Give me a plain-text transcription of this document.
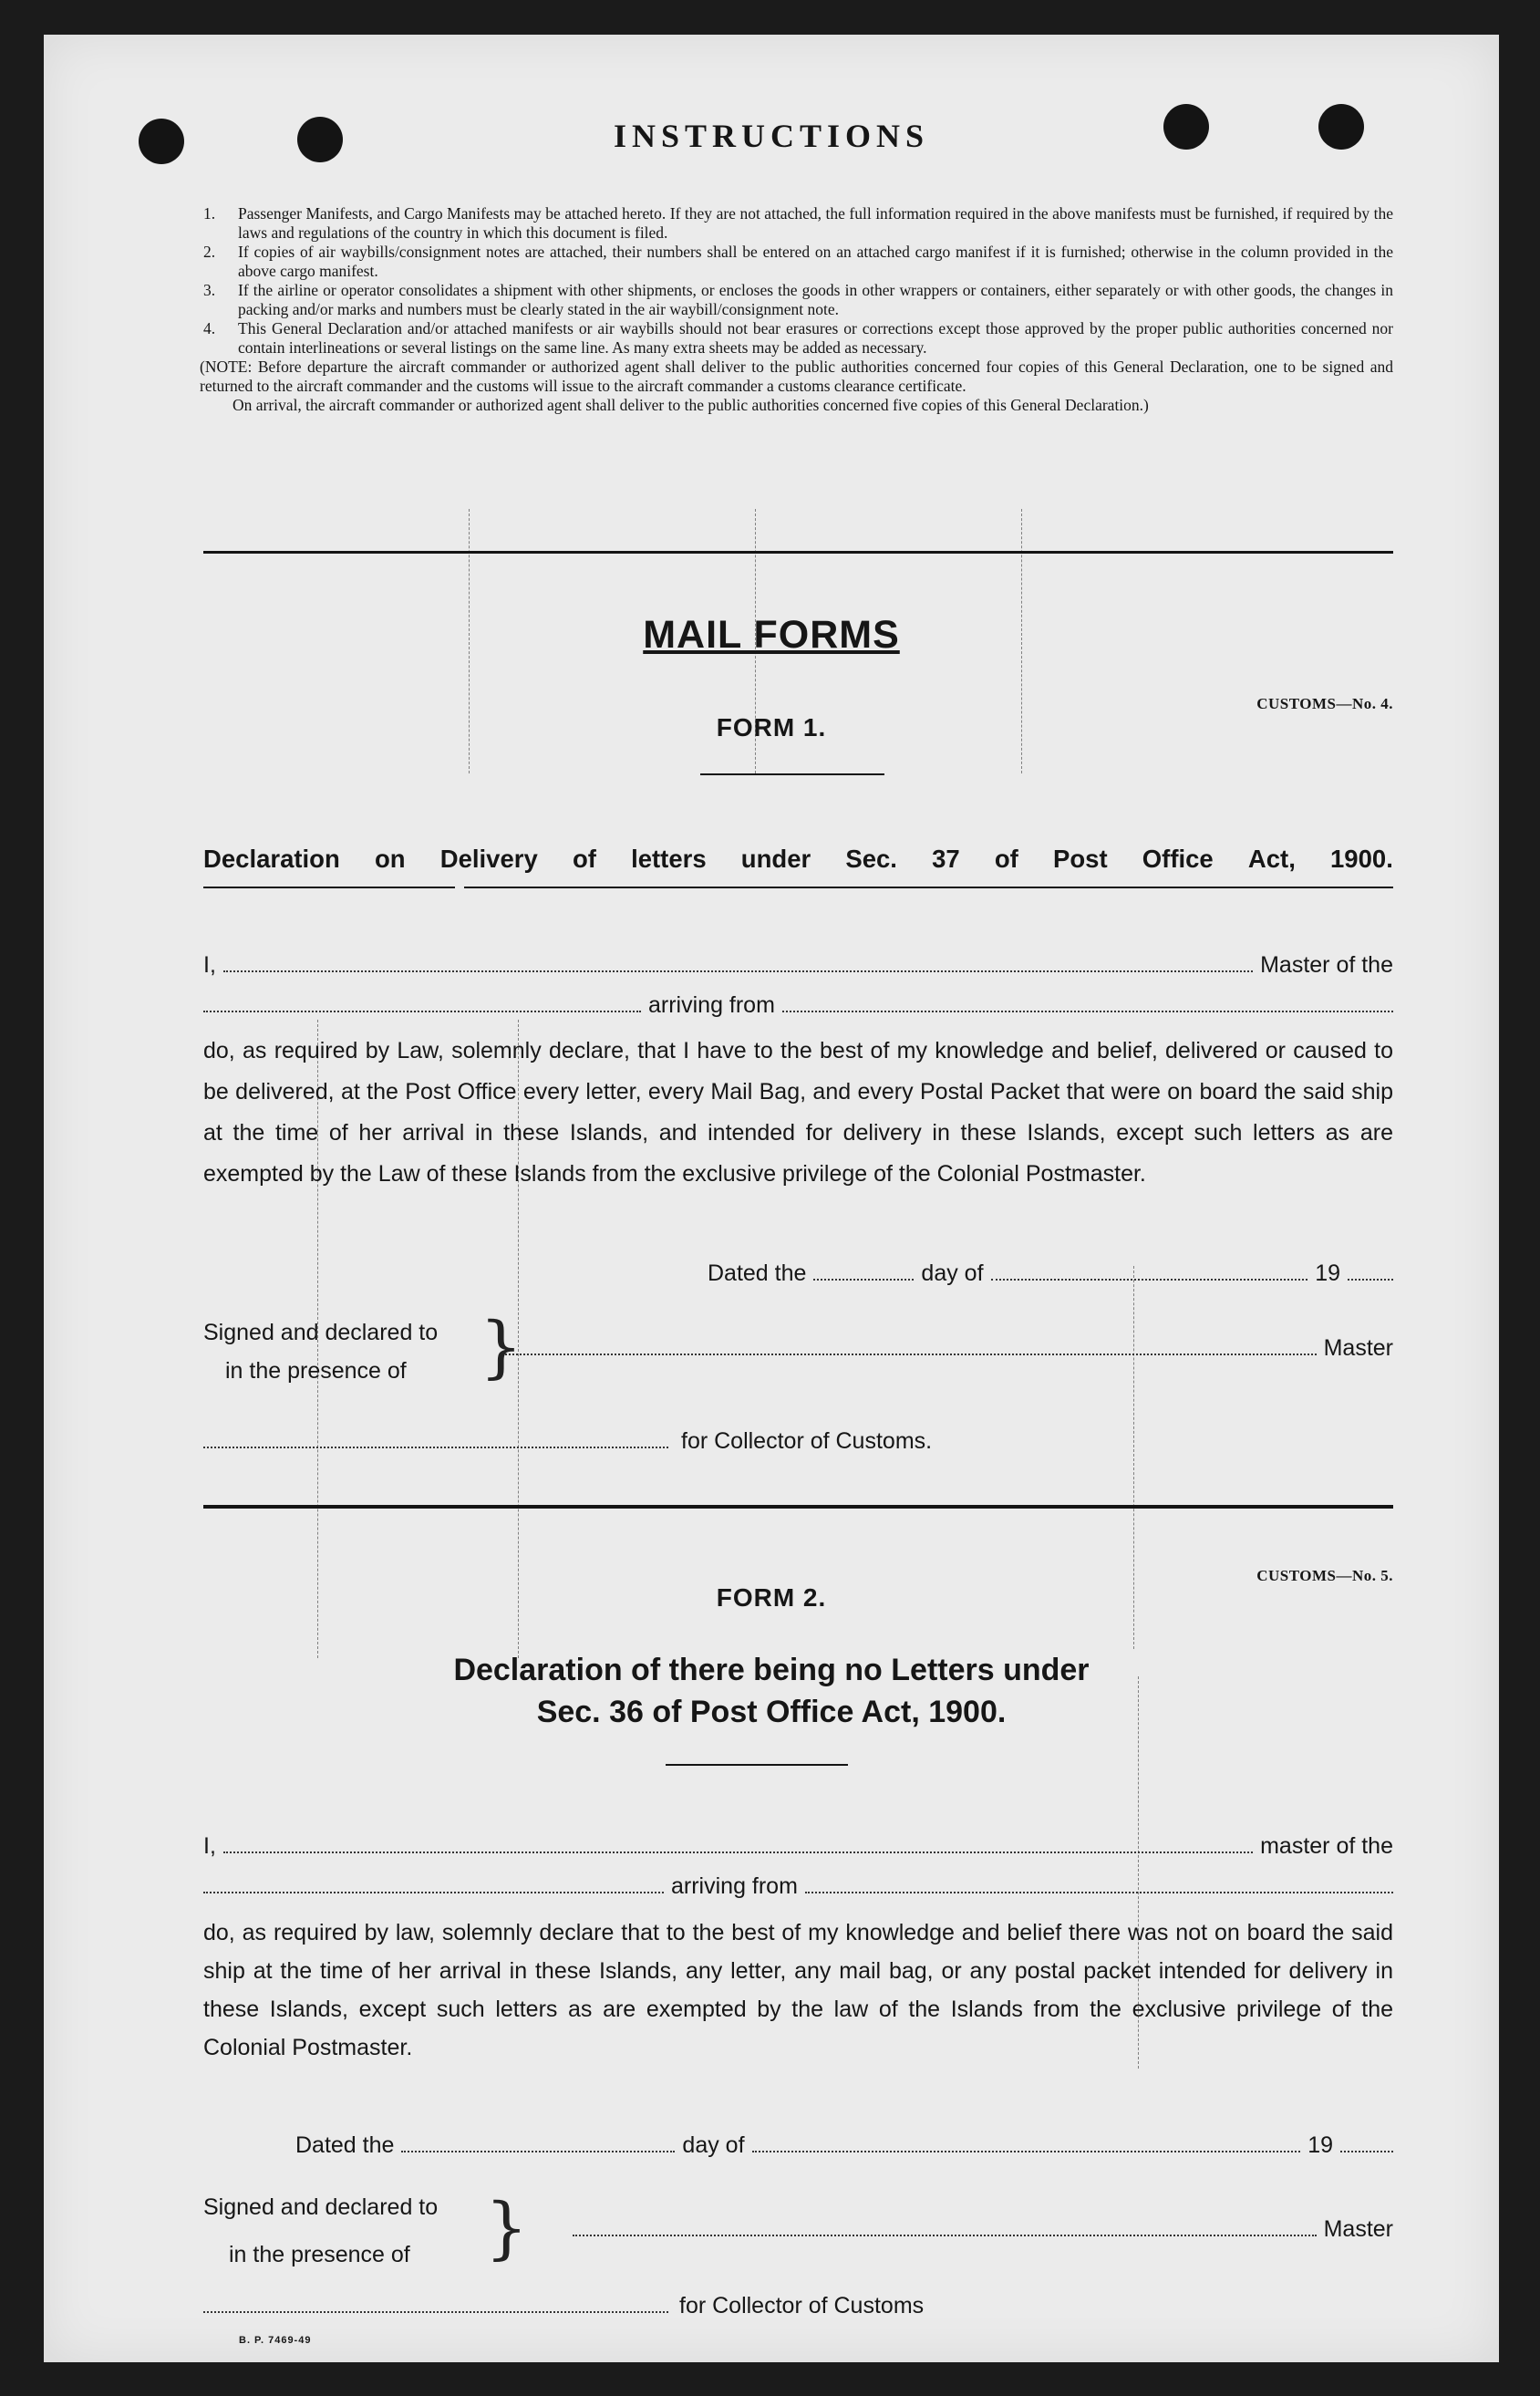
INSTRUCTIONS
1.	Passenger Manifests, and Cargo Manifests may be attached hereto. If they are not attached, the full information required in the above manifests must be furnished, if required by the laws and regulations of the country in which this document is filed.
2.	If copies of air waybills/consignment notes are attached, their numbers shall be entered on an attached cargo manifest if it is furnished; otherwise in the column provided in the above cargo manifest.
3.	If the airline or operator consolidates a shipment with other shipments, or encloses the goods in other wrappers or containers, either separately or with other goods, the changes in packing and/or marks and numbers must be clearly stated in the air waybill/consignment note.
4.	This General Declaration and/or attached manifests or air waybills should not bear erasures or corrections except those approved by the proper public authorities concerned nor contain interlineations or several listings on the same line. As many extra sheets may be added as necessary.
(NOTE: Before departure the aircraft commander or authorized agent shall deliver to the public authorities concerned four copies of this General Declaration, one to be signed and returned to the aircraft commander and the customs will issue to the aircraft commander a customs clearance certificate.
On arrival, the aircraft commander or authorized agent shall deliver to the public authorities concerned five copies of this General Declaration.)
MAIL FORMS
CUSTOMS—No. 4.
FORM 1.
Declaration on Delivery of letters under Sec. 37 of Post Office Act, 1900.
I,	Master of the
arriving from
do, as required by Law, solemnly declare, that I have to the best of my knowledge and belief, delivered or caused to be delivered, at the Post Office every letter, every Mail Bag, and every Postal Packet that were on board the said ship at the time of her arrival in these Islands, and intended for delivery in these Islands, except such letters as are exempted by the Law of these Islands from the exclusive privilege of the Colonial Postmaster.
Dated the	day of	19
Signed and declared to
in the presence of	}	Master
for Collector of Customs.
CUSTOMS—No. 5.
FORM 2.
Declaration of there being no Letters under
Sec. 36 of Post Office Act, 1900.
I,	master of the
arriving from
do, as required by law, solemnly declare that to the best of my knowledge and belief there was not on board the said ship at the time of her arrival in these Islands, any letter, any mail bag, or any postal packet intended for delivery in these Islands, except such letters as are exempted by the law of the Islands from the exclusive privilege of the Colonial Postmaster.
Dated the	day of	19
Signed and declared to
in the presence of	}	Master
for Collector of Customs
B. P. 7469-49
